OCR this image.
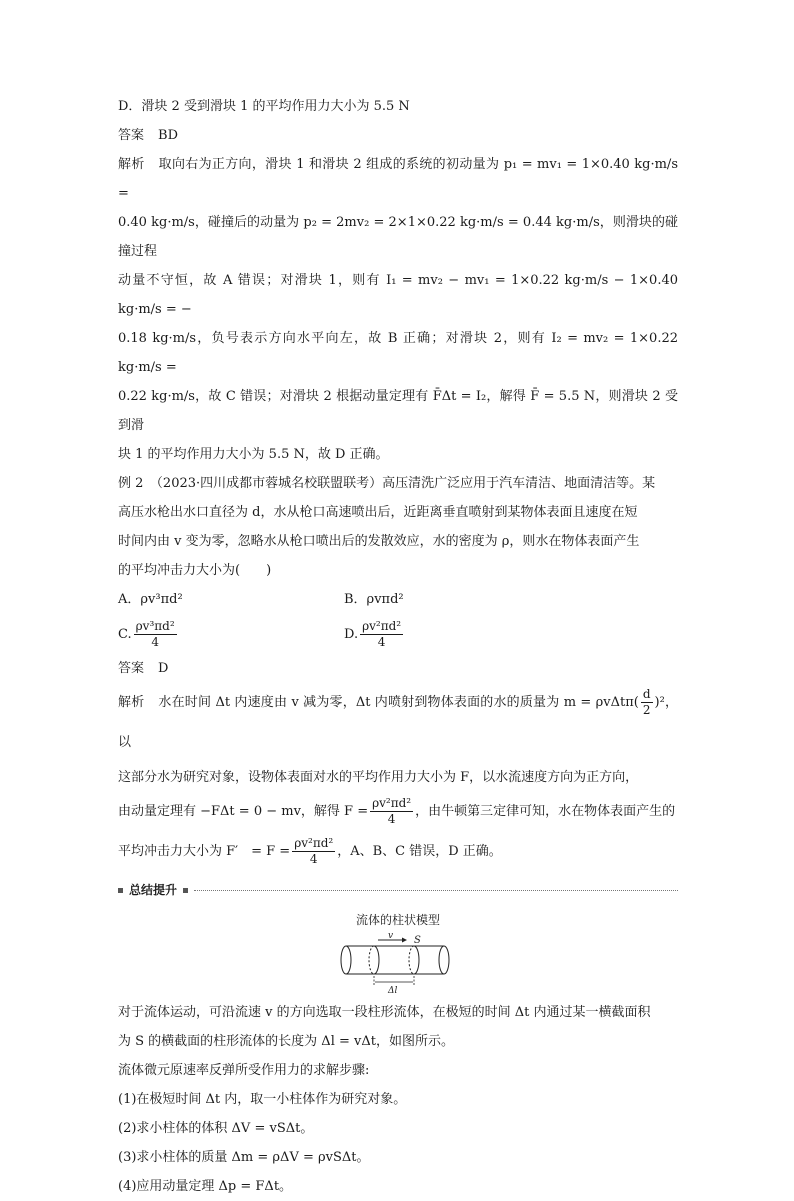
D．滑块 2 受到滑块 1 的平均作用力大小为 5.5 N

答案 BD

解析 取向右为正方向，滑块 1 和滑块 2 组成的系统的初动量为 p₁ = mv₁ = 1×0.40 kg·m/s =

0.40 kg·m/s，碰撞后的动量为 p₂ = 2mv₂ = 2×1×0.22 kg·m/s = 0.44 kg·m/s，则滑块的碰撞过程

动量不守恒，故 A 错误；对滑块 1，则有 I₁ = mv₂ − mv₁ = 1×0.22 kg·m/s − 1×0.40 kg·m/s = −

0.18 kg·m/s，负号表示方向水平向左，故 B 正确；对滑块 2，则有 I₂ = mv₂ = 1×0.22 kg·m/s =

0.22 kg·m/s，故 C 错误；对滑块 2 根据动量定理有 F̄Δt = I₂，解得 F̄ = 5.5 N，则滑块 2 受到滑

块 1 的平均作用力大小为 5.5 N，故 D 正确。

例 2　 （2023·四川成都市蓉城名校联盟联考）高压清洗广泛应用于汽车清洁、地面清洁等。某

高压水枪出水口直径为 d，水从枪口高速喷出后，近距离垂直喷射到某物体表面且速度在短

时间内由 v 变为零，忽略水从枪口喷出后的发散效应，水的密度为 ρ，则水在物体表面产生

的平均冲击力大小为(　　)

A．ρv³πd²	B．ρvπd²
C. $\frac{\text{ρv³πd²}}{4}$	D. $\frac{\text{ρv²πd²}}{4}$

答案 D

解析 水在时间 Δt 内速度由 v 减为零，Δt 内喷射到物体表面的水的质量为 $m = \rho v\Delta t\pi( \frac{d}{2} )^2$，以

这部分水为研究对象，设物体表面对水的平均作用力大小为 F，以水流速度方向为正方向，

由动量定理有 −FΔt = 0 − mv，解得 $F = \frac{\text{ρv²πd²}}{4}$ ，由牛顿第三定律可知，水在物体表面产生的

平均冲击力大小为 F′　= $F = \frac{\text{ρv²πd²}}{4}$ ，A、B、C 错误，D 正确。

总结提升
流体的柱状模型
v S
Δl

对于流体运动，可沿流速 v 的方向选取一段柱形流体，在极短的时间 Δt 内通过某一横截面积

为 S 的横截面的柱形流体的长度为 Δl = vΔt，如图所示。

流体微元原速率反弹所受作用力的求解步骤:

(1)在极短时间 Δt 内，取一小柱体作为研究对象。

(2)求小柱体的体积 ΔV = vSΔt。

(3)求小柱体的质量 Δm = ρΔV = ρvSΔt。

(4)应用动量定理 Δp = FΔt。
